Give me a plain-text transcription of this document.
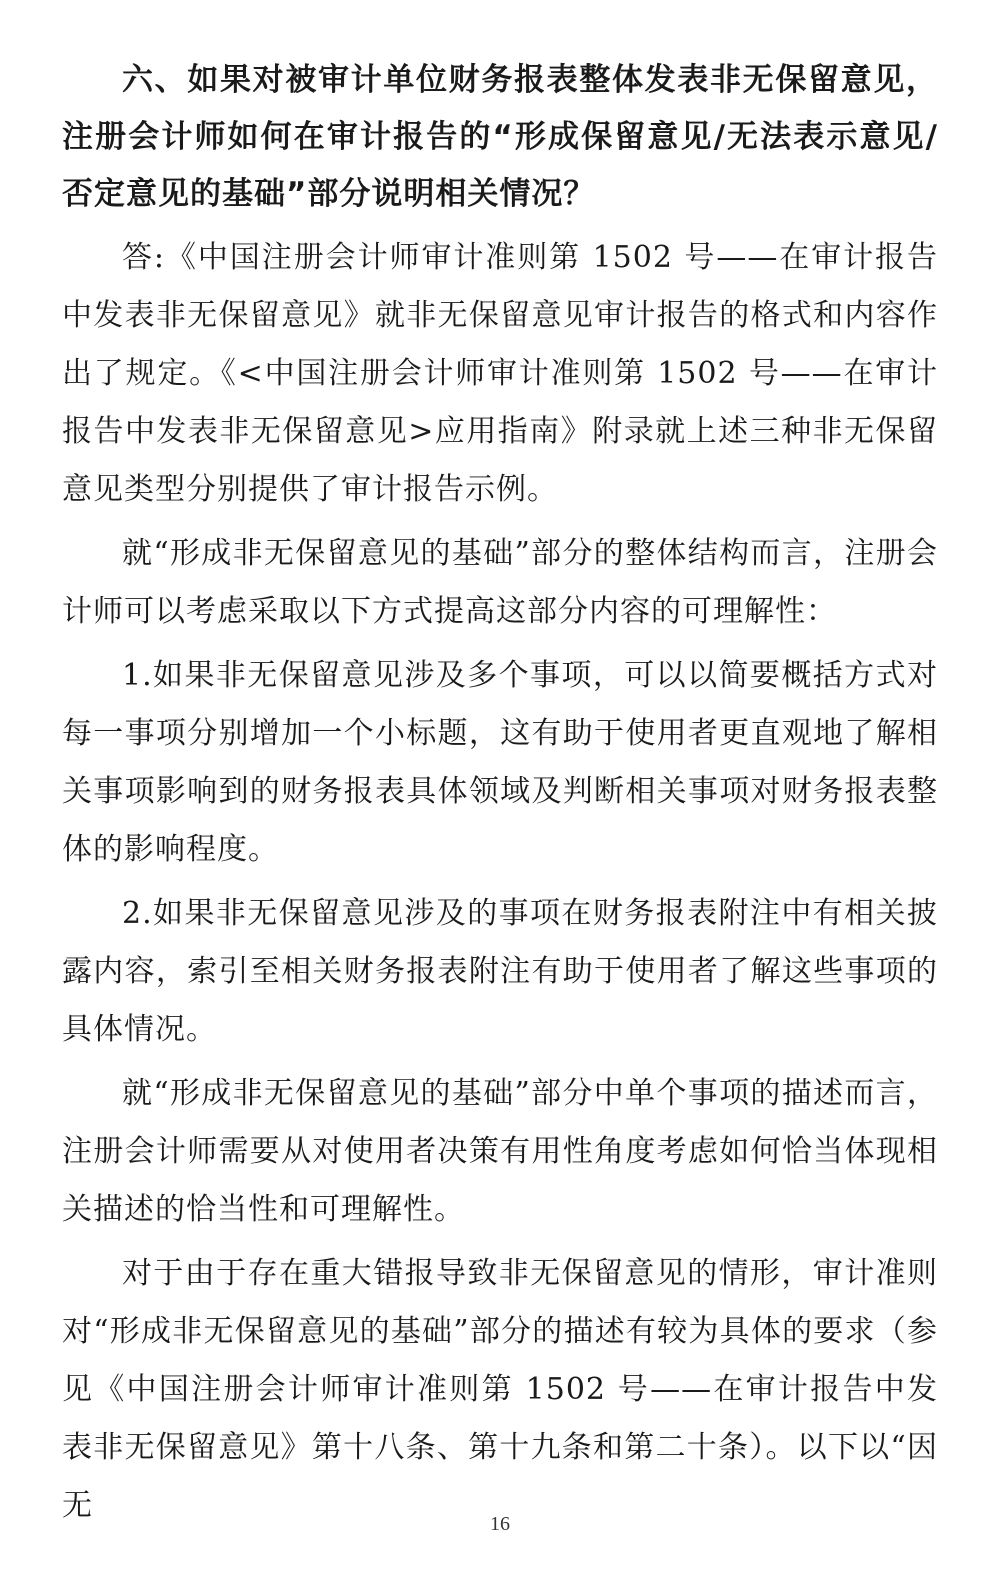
六、如果对被审计单位财务报表整体发表非无保留意见，注册会计师如何在审计报告的“形成保留意见/无法表示意见/否定意见的基础”部分说明相关情况？

答:《中国注册会计师审计准则第 1502 号——在审计报告中发表非无保留意见》就非无保留意见审计报告的格式和内容作出了规定。《<中国注册会计师审计准则第 1502 号——在审计报告中发表非无保留意见>应用指南》附录就上述三种非无保留意见类型分别提供了审计报告示例。

就“形成非无保留意见的基础”部分的整体结构而言，注册会计师可以考虑采取以下方式提高这部分内容的可理解性：

1.如果非无保留意见涉及多个事项，可以以简要概括方式对每一事项分别增加一个小标题，这有助于使用者更直观地了解相关事项影响到的财务报表具体领域及判断相关事项对财务报表整体的影响程度。

2.如果非无保留意见涉及的事项在财务报表附注中有相关披露内容，索引至相关财务报表附注有助于使用者了解这些事项的具体情况。

就“形成非无保留意见的基础”部分中单个事项的描述而言，注册会计师需要从对使用者决策有用性角度考虑如何恰当体现相关描述的恰当性和可理解性。

对于由于存在重大错报导致非无保留意见的情形，审计准则对“形成非无保留意见的基础”部分的描述有较为具体的要求（参见《中国注册会计师审计准则第 1502 号——在审计报告中发表非无保留意见》第十八条、第十九条和第二十条）。以下以“因无

16
